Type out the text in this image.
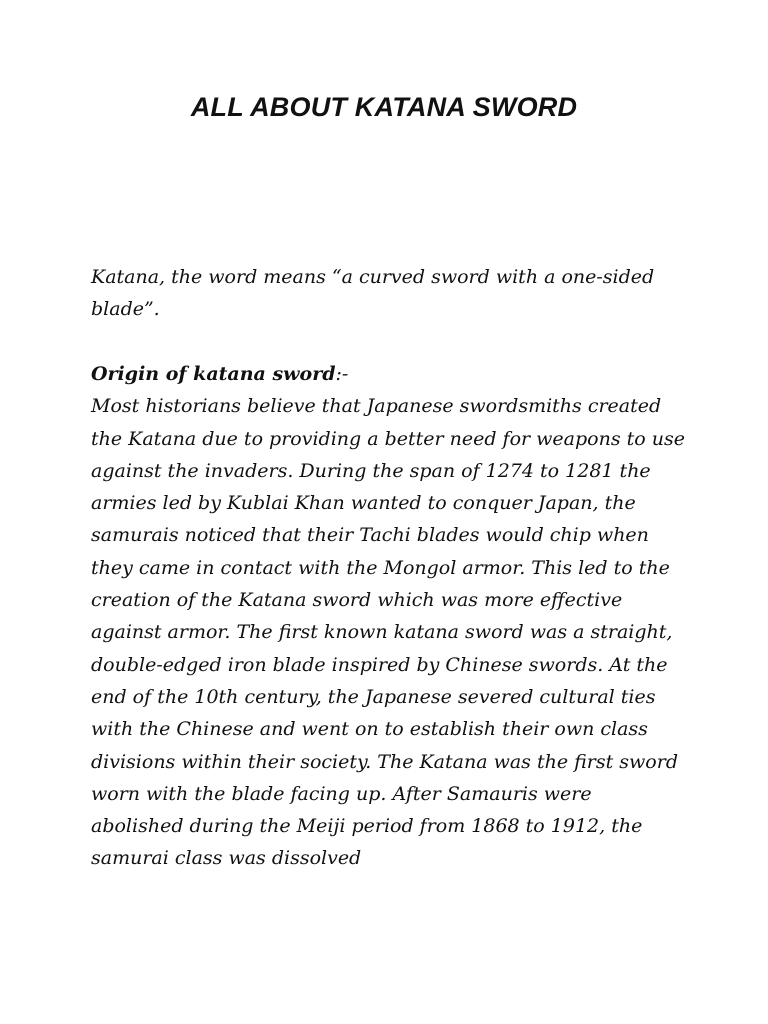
ALL ABOUT KATANA SWORD

Katana, the word means “a curved sword with a one-sided blade”.

Origin of katana sword:-
Most historians believe that Japanese swordsmiths created the Katana due to providing a better need for weapons to use against the invaders. During the span of 1274 to 1281 the armies led by Kublai Khan wanted to conquer Japan, the samurais noticed that their Tachi blades would chip when they came in contact with the Mongol armor. This led to the creation of the Katana sword which was more effective against armor. The first known katana sword was a straight, double-edged iron blade inspired by Chinese swords. At the end of the 10th century, the Japanese severed cultural ties with the Chinese and went on to establish their own class divisions within their society. The Katana was the first sword worn with the blade facing up. After Samauris were abolished during the Meiji period from 1868 to 1912, the samurai class was dissolved
